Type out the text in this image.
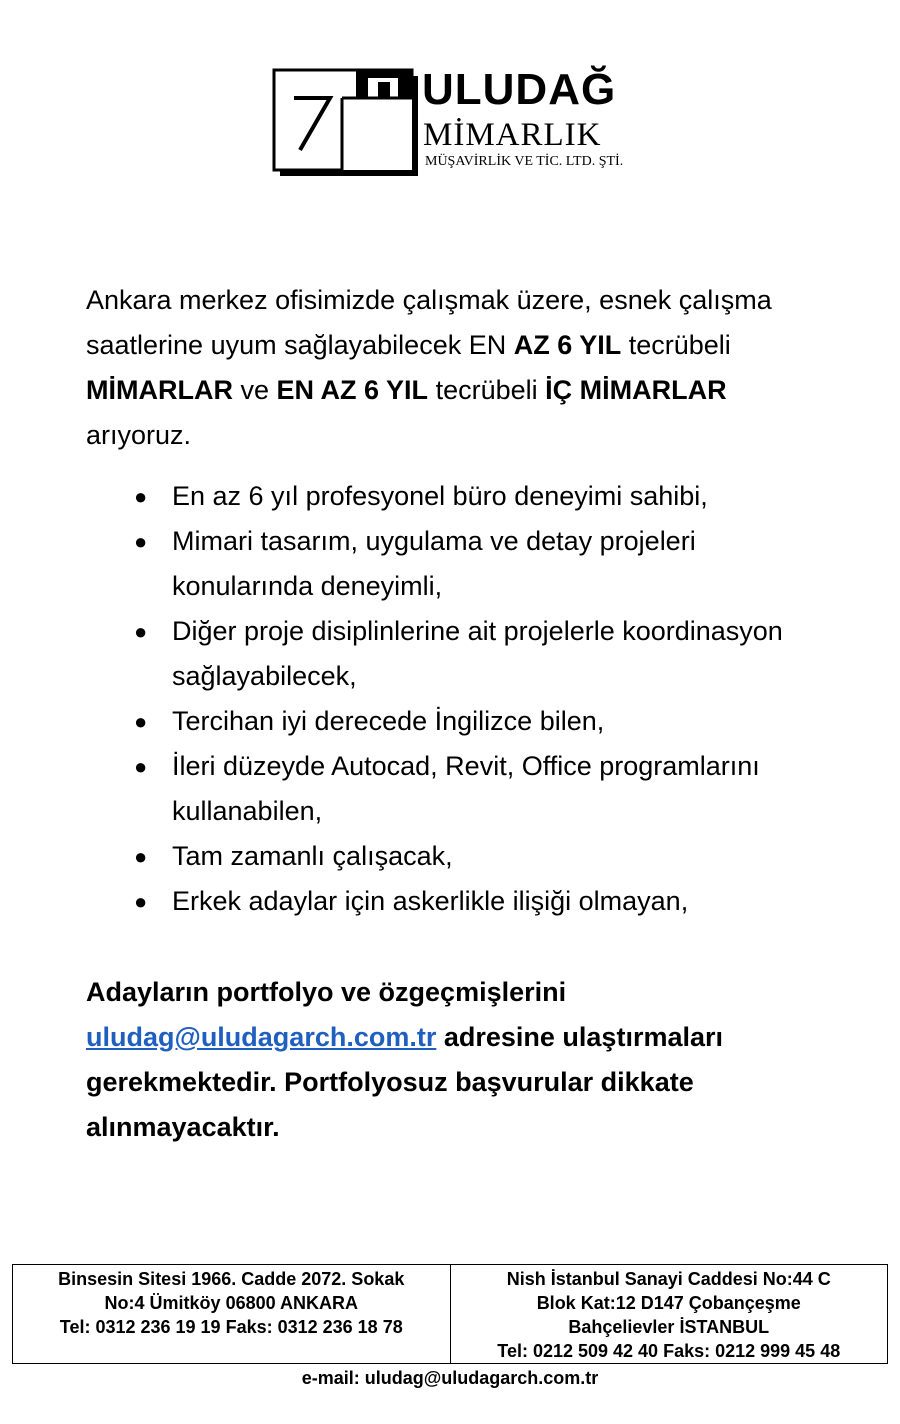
ULUDAĞ
MİMARLIK
MÜŞAVİRLİK VE TİC. LTD. ŞTİ.

Ankara merkez ofisimizde çalışmak üzere, esnek çalışma saatlerine uyum sağlayabilecek EN AZ 6 YIL tecrübeli MİMARLAR ve EN AZ 6 YIL tecrübeli İÇ MİMARLAR arıyoruz.

● En az 6 yıl profesyonel büro deneyimi sahibi,
● Mimari tasarım, uygulama ve detay projeleri konularında deneyimli,
● Diğer proje disiplinlerine ait projelerle koordinasyon sağlayabilecek,
● Tercihan iyi derecede İngilizce bilen,
● İleri düzeyde Autocad, Revit, Office programlarını kullanabilen,
● Tam zamanlı çalışacak,
● Erkek adaylar için askerlikle ilişiği olmayan,

Adayların portfolyo ve özgeçmişlerini uludag@uludagarch.com.tr adresine ulaştırmaları gerekmektedir. Portfolyosuz başvurular dikkate alınmayacaktır.

Binsesin Sitesi 1966. Cadde 2072. Sokak
No:4 Ümitköy 06800 ANKARA
Tel: 0312 236 19 19 Faks: 0312 236 18 78
Nish İstanbul Sanayi Caddesi No:44 C
Blok Kat:12 D147 Çobançeşme
Bahçelievler İSTANBUL
Tel: 0212 509 42 40 Faks: 0212 999 45 48
e-mail: uludag@uludagarch.com.tr
